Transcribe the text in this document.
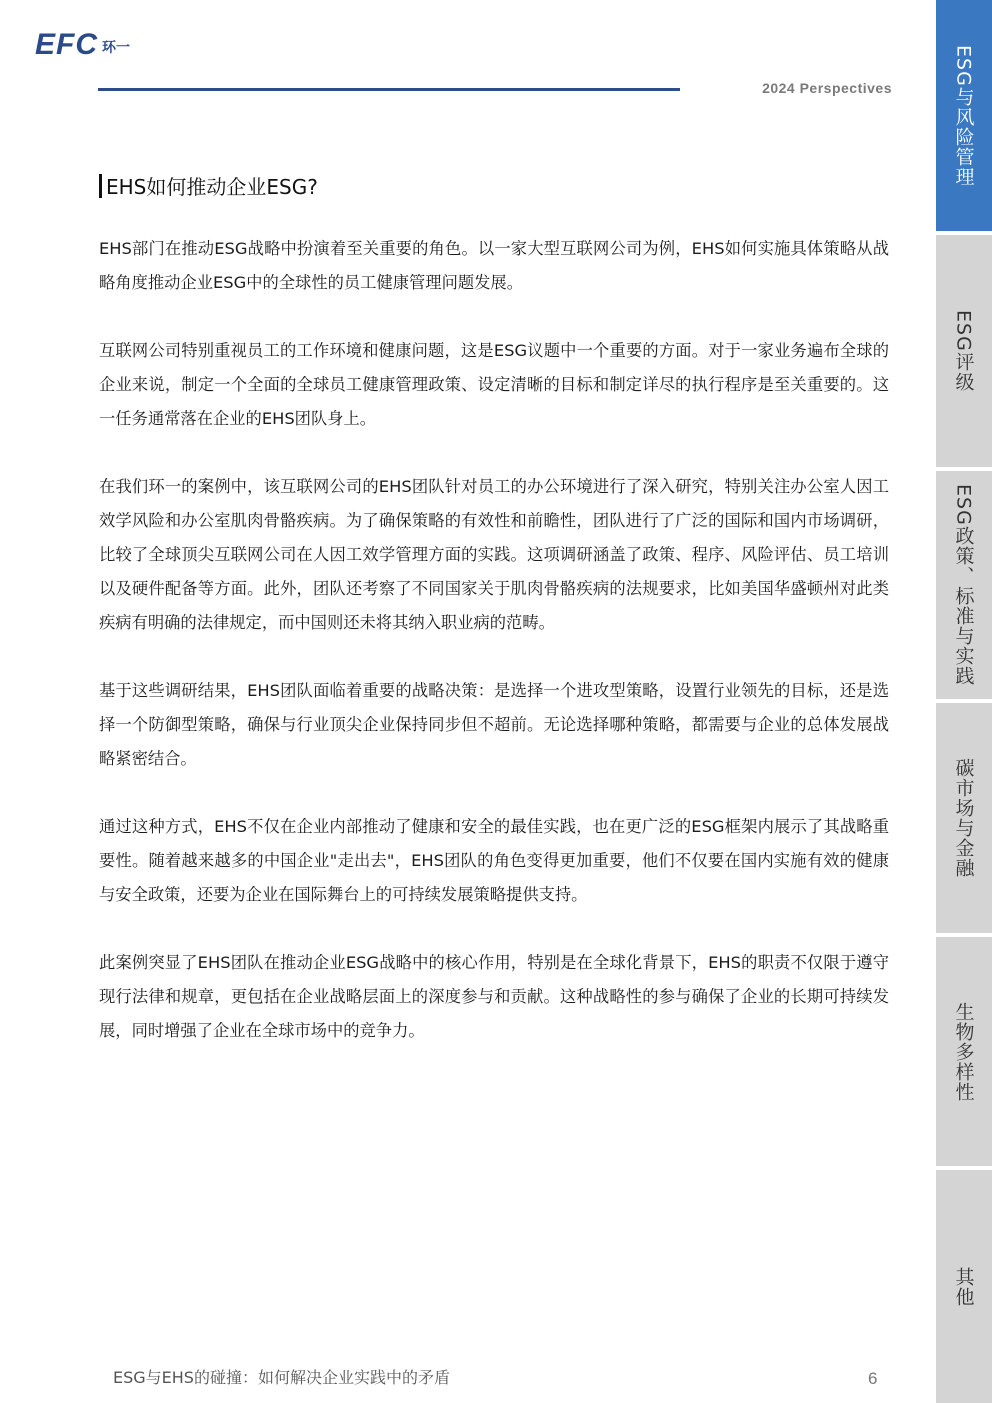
EFC 环一
2024 Perspectives
EHS如何推动企业ESG?

EHS部门在推动ESG战略中扮演着至关重要的角色。以一家大型互联网公司为例，EHS如何实施具体策略从战略角度推动企业ESG中的全球性的员工健康管理问题发展。

互联网公司特别重视员工的工作环境和健康问题，这是ESG议题中一个重要的方面。对于一家业务遍布全球的企业来说，制定一个全面的全球员工健康管理政策、设定清晰的目标和制定详尽的执行程序是至关重要的。这一任务通常落在企业的EHS团队身上。

在我们环一的案例中，该互联网公司的EHS团队针对员工的办公环境进行了深入研究，特别关注办公室人因工效学风险和办公室肌肉骨骼疾病。为了确保策略的有效性和前瞻性，团队进行了广泛的国际和国内市场调研，比较了全球顶尖互联网公司在人因工效学管理方面的实践。这项调研涵盖了政策、程序、风险评估、员工培训以及硬件配备等方面。此外，团队还考察了不同国家关于肌肉骨骼疾病的法规要求，比如美国华盛顿州对此类疾病有明确的法律规定，而中国则还未将其纳入职业病的范畴。

基于这些调研结果，EHS团队面临着重要的战略决策：是选择一个进攻型策略，设置行业领先的目标，还是选择一个防御型策略，确保与行业顶尖企业保持同步但不超前。无论选择哪种策略，都需要与企业的总体发展战略紧密结合。

通过这种方式，EHS不仅在企业内部推动了健康和安全的最佳实践，也在更广泛的ESG框架内展示了其战略重要性。随着越来越多的中国企业"走出去"，EHS团队的角色变得更加重要，他们不仅要在国内实施有效的健康与安全政策，还要为企业在国际舞台上的可持续发展策略提供支持。

此案例突显了EHS团队在推动企业ESG战略中的核心作用，特别是在全球化背景下，EHS的职责不仅限于遵守现行法律和规章，更包括在企业战略层面上的深度参与和贡献。这种战略性的参与确保了企业的长期可持续发展，同时增强了企业在全球市场中的竞争力。

ESG与EHS的碰撞：如何解决企业实践中的矛盾	6
ESG与风险管理
ESG评级
ESG政策、标准与实践
碳市场与金融
生物多样性
其他
